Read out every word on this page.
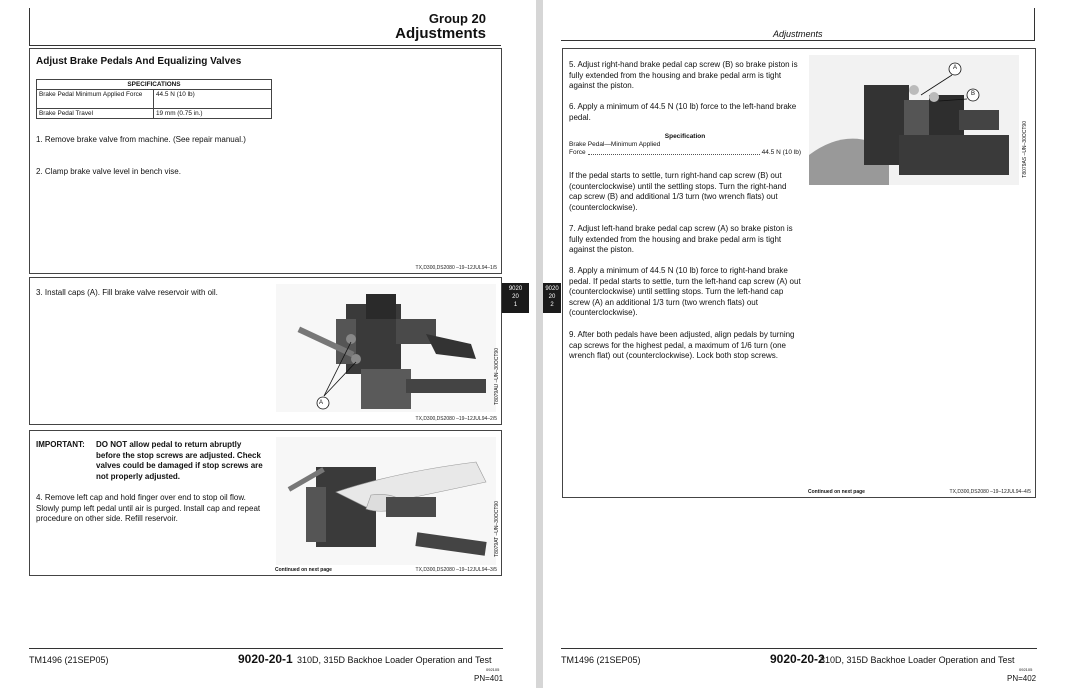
Group 20
Adjustments
Adjust Brake Pedals And Equalizing Valves
SPECIFICATIONS	
Brake Pedal Minimum Applied Force	44.5 N (10 lb)
Brake Pedal Travel	19 mm (0.75 in.)
1. Remove brake valve from machine. (See repair manual.)
2. Clamp brake valve level in bench vise.
TX,D300,DS2080 –19–12JUL94–1/5
3. Install caps (A). Fill brake valve reservoir with oil.
A	T8079AU –UN–30OCT90
TX,D300,DS2080 –19–12JUL94–2/5
IMPORTANT: DO NOT allow pedal to return abruptly before the stop screws are adjusted. Check valves could be damaged if stop screws are not properly adjusted.
4. Remove left cap and hold finger over end to stop oil flow. Slowly pump left pedal until air is purged. Install cap and repeat procedure on other side. Refill reservoir.	T8079AT –UN–30OCT90
Continued on next page	TX,D300,DS2080 –19–12JUL94–3/5
9020
20
1
TM1496 (21SEP05)	9020-20-1 310D, 315D Backhoe Loader Operation and Test
092105
PN=401
Adjustments
9020
20
2
5. Adjust right-hand brake pedal cap screw (B) so brake piston is fully extended from the housing and brake pedal arm is tight against the piston.
6. Apply a minimum of 44.5 N (10 lb) force to the left-hand brake pedal.
Specification
Brake Pedal—Minimum Applied
Force	44.5 N (10 lb)
If the pedal starts to settle, turn right-hand cap screw (B) out (counterclockwise) until the settling stops. Turn the right-hand cap screw (B) and additional 1/3 turn (two wrench flats) out (counterclockwise).
7. Adjust left-hand brake pedal cap screw (A) so brake piston is fully extended from the housing and brake pedal arm is tight against the piston.
8. Apply a minimum of 44.5 N (10 lb) force to right-hand brake pedal. If pedal starts to settle, turn the left-hand cap screw (A) out (counterclockwise) until settling stops. Turn the left-hand cap screw (A) an additional 1/3 turn (two wrench flats) out (counterclockwise).
9. After both pedals have been adjusted, align pedals by turning cap screws for the highest pedal, a maximum of 1/6 turn (one wrench flat) out (counterclockwise). Lock both stop screws.
A
B
T8079AS –UN–30OCT90
Continued on next page	TX,D300,DS2080 –19–12JUL94–4/5
TM1496 (21SEP05)	9020-20-2
310D, 315D Backhoe Loader Operation and Test
092105
PN=402
